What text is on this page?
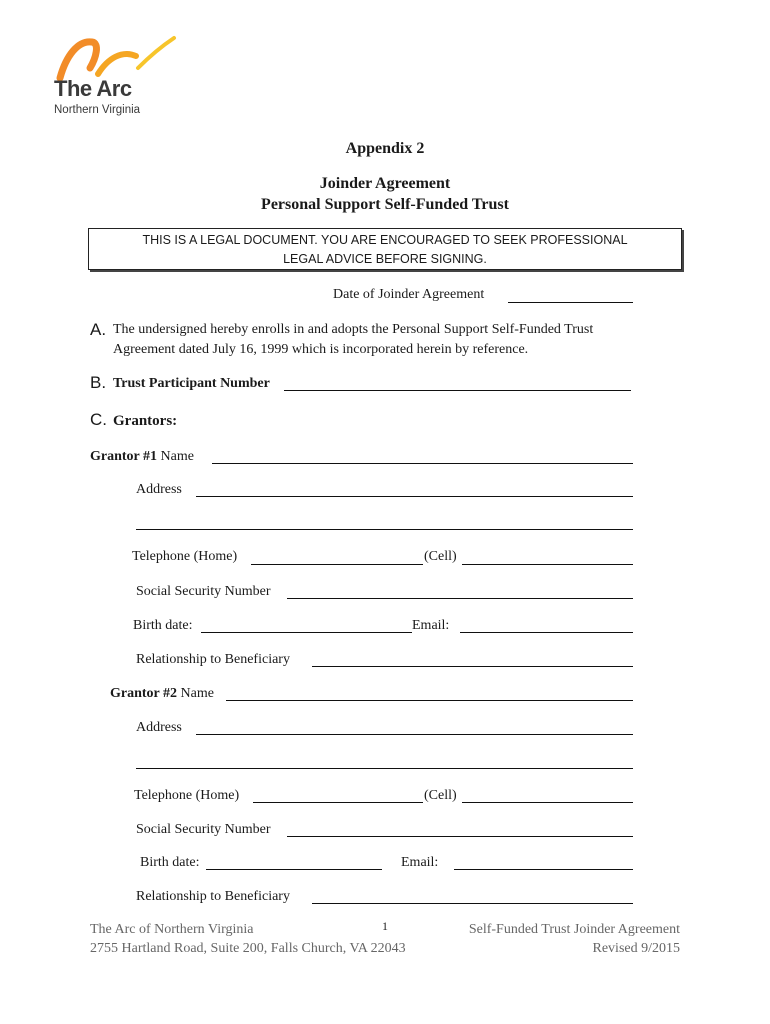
The Arc
Northern Virginia
Appendix 2
Joinder Agreement
Personal Support Self-Funded Trust
THIS IS A LEGAL DOCUMENT. YOU ARE ENCOURAGED TO SEEK PROFESSIONAL
LEGAL ADVICE BEFORE SIGNING.
Date of Joinder Agreement
A. The undersigned hereby enrolls in and adopts the Personal Support Self-Funded Trust
Agreement dated July 16, 1999 which is incorporated herein by reference.
B. Trust Participant Number
C. Grantors:
Grantor #1 Name
Address
Telephone (Home)	(Cell)
Social Security Number
Birth date:	Email:
Relationship to Beneficiary
Grantor #2 Name
Address
Telephone (Home)	(Cell)
Social Security Number
Birth date:	Email:
Relationship to Beneficiary
The Arc of Northern Virginia
2755 Hartland Road, Suite 200, Falls Church, VA 22043
1	Self-Funded Trust Joinder Agreement
Revised 9/2015
